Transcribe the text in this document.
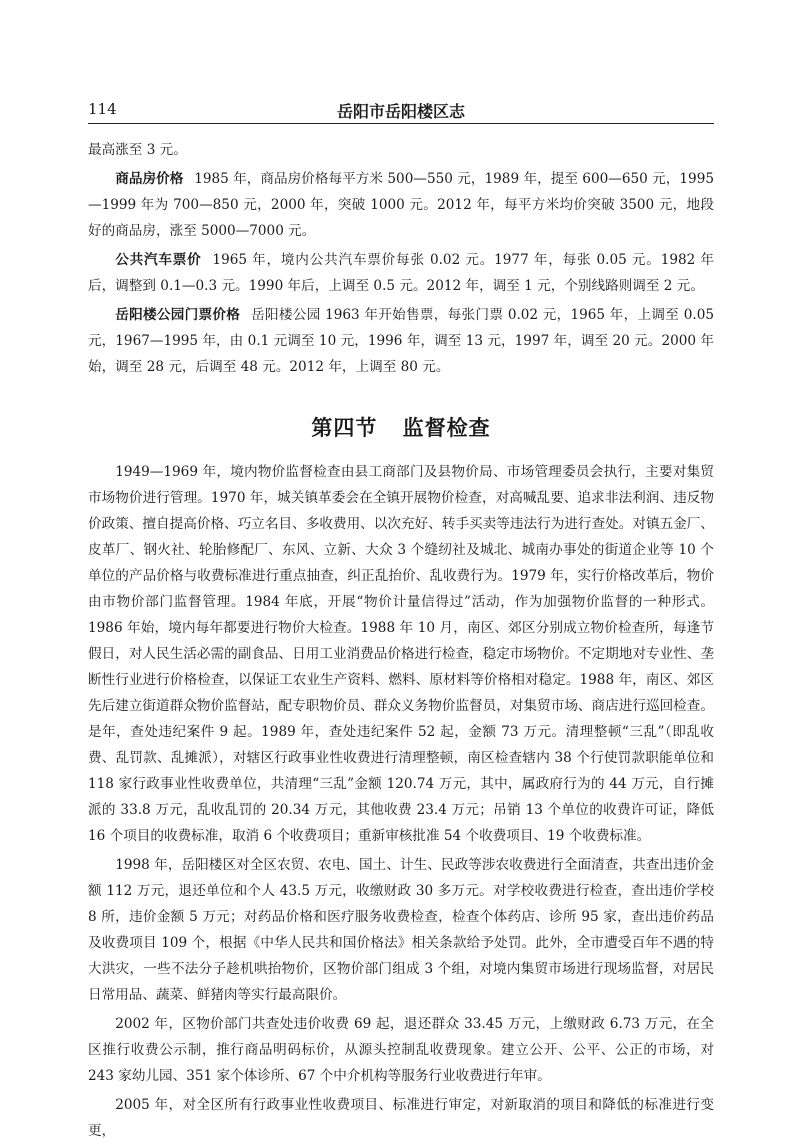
114	岳阳市岳阳楼区志

最高涨至 3 元。

商品房价格 1985 年，商品房价格每平方米 500—550 元，1989 年，提至 600—650 元，1995—1999 年为 700—850 元，2000 年，突破 1000 元。2012 年，每平方米均价突破 3500 元，地段好的商品房，涨至 5000—7000 元。

公共汽车票价 1965 年，境内公共汽车票价每张 0.02 元。1977 年，每张 0.05 元。1982 年后，调整到 0.1—0.3 元。1990 年后，上调至 0.5 元。2012 年，调至 1 元，个别线路则调至 2 元。

岳阳楼公园门票价格 岳阳楼公园 1963 年开始售票，每张门票 0.02 元，1965 年，上调至 0.05 元，1967—1995 年，由 0.1 元调至 10 元，1996 年，调至 13 元，1997 年，调至 20 元。2000 年始，调至 28 元，后调至 48 元。2012 年，上调至 80 元。

第四节 监督检查

1949—1969 年，境内物价监督检查由县工商部门及县物价局、市场管理委员会执行，主要对集贸市场物价进行管理。1970 年，城关镇革委会在全镇开展物价检查，对高喊乱要、追求非法利润、违反物价政策、擅自提高价格、巧立名目、多收费用、以次充好、转手买卖等违法行为进行查处。对镇五金厂、皮革厂、钢火社、轮胎修配厂、东风、立新、大众 3 个缝纫社及城北、城南办事处的街道企业等 10 个单位的产品价格与收费标准进行重点抽查，纠正乱抬价、乱收费行为。1979 年，实行价格改革后，物价由市物价部门监督管理。1984 年底，开展“物价计量信得过”活动，作为加强物价监督的一种形式。1986 年始，境内每年都要进行物价大检查。1988 年 10 月，南区、郊区分别成立物价检查所，每逢节假日，对人民生活必需的副食品、日用工业消费品价格进行检查，稳定市场物价。不定期地对专业性、垄断性行业进行价格检查，以保证工农业生产资料、燃料、原材料等价格相对稳定。1988 年，南区、郊区先后建立街道群众物价监督站，配专职物价员、群众义务物价监督员，对集贸市场、商店进行巡回检查。是年，查处违纪案件 9 起。1989 年，查处违纪案件 52 起，金额 73 万元。清理整顿“三乱”（即乱收费、乱罚款、乱摊派），对辖区行政事业性收费进行清理整顿，南区检查辖内 38 个行使罚款职能单位和 118 家行政事业性收费单位，共清理“三乱”金额 120.74 万元，其中，属政府行为的 44 万元，自行摊派的 33.8 万元，乱收乱罚的 20.34 万元，其他收费 23.4 万元；吊销 13 个单位的收费许可证，降低 16 个项目的收费标准，取消 6 个收费项目；重新审核批准 54 个收费项目、19 个收费标准。

1998 年，岳阳楼区对全区农贸、农电、国土、计生、民政等涉农收费进行全面清查，共查出违价金额 112 万元，退还单位和个人 43.5 万元，收缴财政 30 多万元。对学校收费进行检查，查出违价学校 8 所，违价金额 5 万元；对药品价格和医疗服务收费检查，检查个体药店、诊所 95 家，查出违价药品及收费项目 109 个，根据《中华人民共和国价格法》相关条款给予处罚。此外，全市遭受百年不遇的特大洪灾，一些不法分子趁机哄抬物价，区物价部门组成 3 个组，对境内集贸市场进行现场监督，对居民日常用品、蔬菜、鲜猪肉等实行最高限价。

2002 年，区物价部门共查处违价收费 69 起，退还群众 33.45 万元，上缴财政 6.73 万元，在全区推行收费公示制，推行商品明码标价，从源头控制乱收费现象。建立公开、公平、公正的市场，对 243 家幼儿园、351 家个体诊所、67 个中介机构等服务行业收费进行年审。

2005 年，对全区所有行政事业性收费项目、标准进行审定，对新取消的项目和降低的标准进行变更，
